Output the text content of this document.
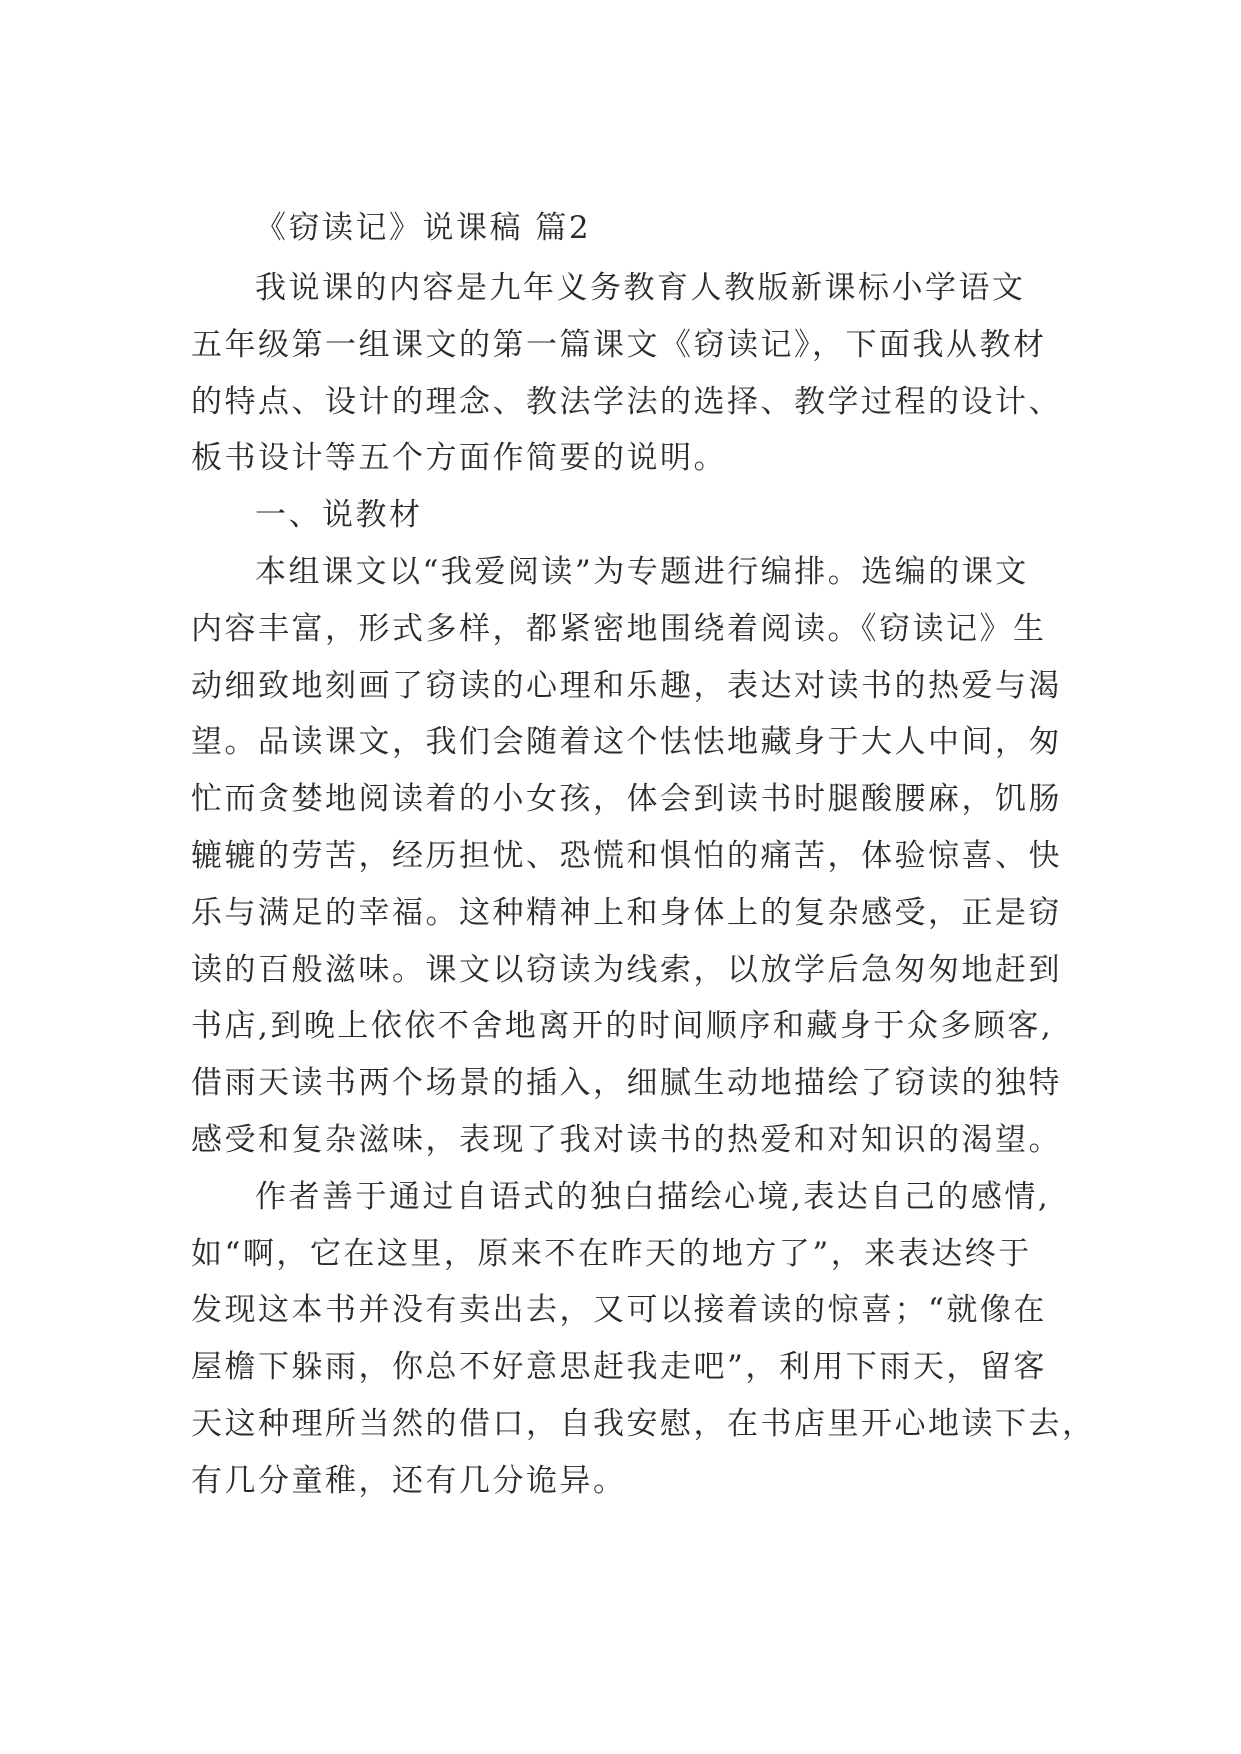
《窃读记》说课稿 篇2
我说课的内容是九年义务教育人教版新课标小学语文
五年级第一组课文的第一篇课文《窃读记》，下面我从教材
的特点、设计的理念、教法学法的选择、教学过程的设计、
板书设计等五个方面作简要的说明。
一、说教材
本组课文以“我爱阅读”为专题进行编排。选编的课文
内容丰富，形式多样，都紧密地围绕着阅读。《窃读记》生
动细致地刻画了窃读的心理和乐趣，表达对读书的热爱与渴
望。品读课文，我们会随着这个怯怯地藏身于大人中间，匆
忙而贪婪地阅读着的小女孩，体会到读书时腿酸腰麻，饥肠
辘辘的劳苦，经历担忧、恐慌和惧怕的痛苦，体验惊喜、快
乐与满足的幸福。这种精神上和身体上的复杂感受，正是窃
读的百般滋味。课文以窃读为线索，以放学后急匆匆地赶到
书店,到晚上依依不舍地离开的时间顺序和藏身于众多顾客,
借雨天读书两个场景的插入，细腻生动地描绘了窃读的独特
感受和复杂滋味，表现了我对读书的热爱和对知识的渴望。
作者善于通过自语式的独白描绘心境,表达自己的感情,
如“啊，它在这里，原来不在昨天的地方了”，来表达终于
发现这本书并没有卖出去，又可以接着读的惊喜；“就像在
屋檐下躲雨，你总不好意思赶我走吧”，利用下雨天，留客
天这种理所当然的借口，自我安慰，在书店里开心地读下去，
有几分童稚，还有几分诡异。
